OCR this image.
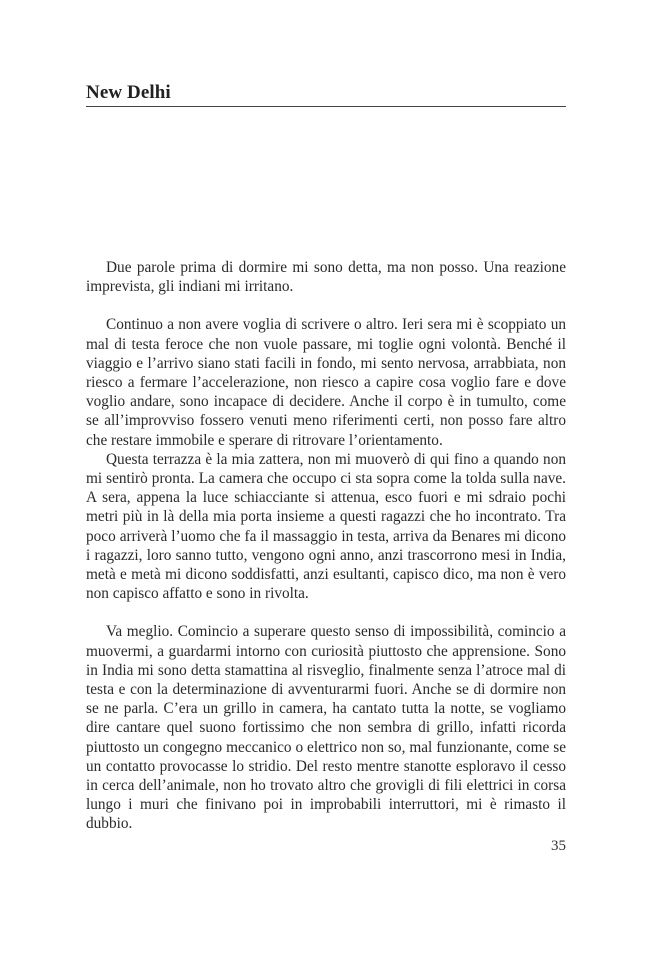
New Delhi

Due parole prima di dormire mi sono detta, ma non posso. Una reazione imprevista, gli indiani mi irritano.

Continuo a non avere voglia di scrivere o altro. Ieri sera mi è scoppiato un mal di testa feroce che non vuole passare, mi toglie ogni volontà. Benché il viaggio e l’arrivo siano stati facili in fondo, mi sento nervosa, arrabbiata, non riesco a fermare l’accelerazione, non riesco a capire cosa voglio fare e dove voglio andare, sono incapace di decidere. Anche il corpo è in tumulto, come se all’improvviso fossero venuti meno riferimenti certi, non posso fare altro che restare immobile e sperare di ritrovare l’orientamento.

Questa terrazza è la mia zattera, non mi muoverò di qui fino a quando non mi sentirò pronta. La camera che occupo ci sta sopra come la tolda sulla nave. A sera, appena la luce schiacciante si attenua, esco fuori e mi sdraio pochi metri più in là della mia porta insieme a questi ragazzi che ho incontrato. Tra poco arriverà l’uomo che fa il massaggio in testa, arriva da Benares mi dicono i ragazzi, loro sanno tutto, vengono ogni anno, anzi trascorrono mesi in India, metà e metà mi dicono soddisfatti, anzi esultanti, capisco dico, ma non è vero non capisco affatto e sono in rivolta.

Va meglio. Comincio a superare questo senso di impossibilità, comincio a muovermi, a guardarmi intorno con curiosità piuttosto che apprensione. Sono in India mi sono detta stamattina al risveglio, finalmente senza l’atroce mal di testa e con la determinazione di avventurarmi fuori. Anche se di dormire non se ne parla. C’era un grillo in camera, ha cantato tutta la notte, se vogliamo dire cantare quel suono fortissimo che non sembra di grillo, infatti ricorda piuttosto un congegno meccanico o elettrico non so, mal funzionante, come se un contatto provocasse lo stridio. Del resto mentre stanotte esploravo il cesso in cerca dell’animale, non ho trovato altro che grovigli di fili elettrici in corsa lungo i muri che finivano poi in improbabili interruttori, mi è rimasto il dubbio.

35
